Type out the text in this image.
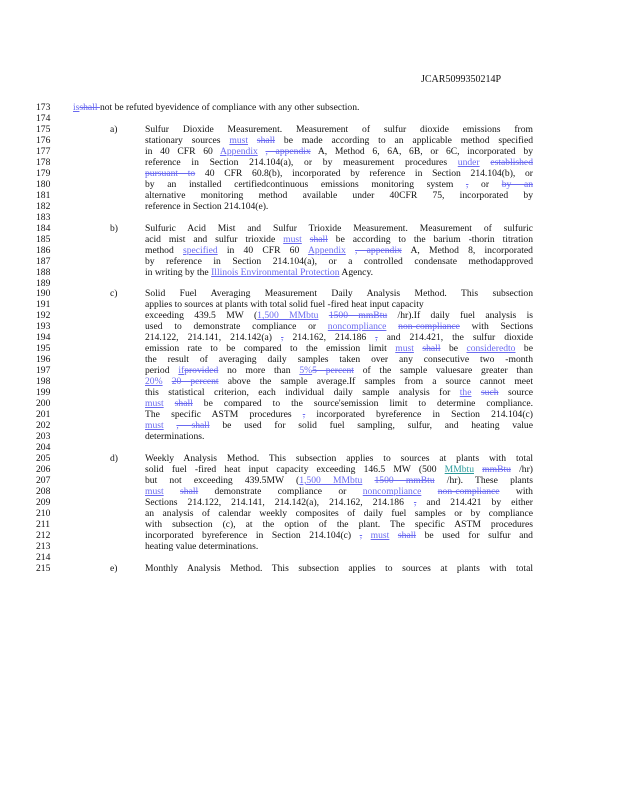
JCAR5099350214P
173	isshall not be refuted byevidence of compliance with any other subsection.
174
175	a)	Sulfur Dioxide Measurement. Measurement of sulfur dioxide emissions from
176	stationary sources must shall be made according to an applicable method specified
177	in 40 CFR 60 Appendix , appendix A, Method 6, 6A, 6B, or 6C, incorporated by
178	reference in Section 214.104(a), or by measurement procedures under established
179	pursuant to 40 CFR 60.8(b), incorporated by reference in Section 214.104(b), or
180	by an installed certifiedcontinuous emissions monitoring system , or by an
181	alternative monitoring method available under 40CFR 75, incorporated by
182	reference in Section 214.104(e).
183
184	b)	Sulfuric Acid Mist and Sulfur Trioxide Measurement. Measurement of sulfuric
185	acid mist and sulfur trioxide must shall be according to the barium -thorin titration
186	method specified in 40 CFR 60 Appendix , appendix A, Method 8, incorporated
187	by reference in Section 214.104(a), or a controlled condensate methodapproved
188	in writing by the Illinois Environmental Protection Agency.
189
190	c)	Solid Fuel Averaging Measurement Daily Analysis Method. This subsection
191	applies to sources at plants with total solid fuel -fired heat input capacity
192	exceeding 439.5 MW (1,500 MMbtu 1500 mmBtu /hr).If daily fuel analysis is
193	used to demonstrate compliance or noncompliance non-compliance with Sections
194	214.122, 214.141, 214.142(a) , 214.162, 214.186 , and 214.421, the sulfur dioxide
195	emission rate to be compared to the emission limit must shall be consideredto be
196	the result of averaging daily samples taken over any consecutive two -month
197	period ifprovided no more than 5%5 percent of the sample valuesare greater than
198	20% 20 percent above the sample average.If samples from a source cannot meet
199	this statistical criterion, each individual daily sample analysis for the such source
200	must shall be compared to the source'semission limit to determine compliance.
201	The specific ASTM procedures , incorporated byreference in Section 214.104(c)
202	must , shall be used for solid fuel sampling, sulfur, and heating value
203	determinations.
204
205	d)	Weekly Analysis Method. This subsection applies to sources at plants with total
206	solid fuel -fired heat input capacity exceeding 146.5 MW (500 MMbtu mmBtu /hr)
207	but not exceeding 439.5MW (1,500 MMbtu 1500 mmBtu /hr). These plants
208	must shall demonstrate compliance or noncompliance non-compliance with
209	Sections 214.122, 214.141, 214.142(a), 214.162, 214.186 , and 214.421 by either
210	an analysis of calendar weekly composites of daily fuel samples or by compliance
211	with subsection (c), at the option of the plant. The specific ASTM procedures
212	incorporated byreference in Section 214.104(c) , must shall be used for sulfur and
213	heating value determinations.
214
215	e)	Monthly Analysis Method. This subsection applies to sources at plants with total
